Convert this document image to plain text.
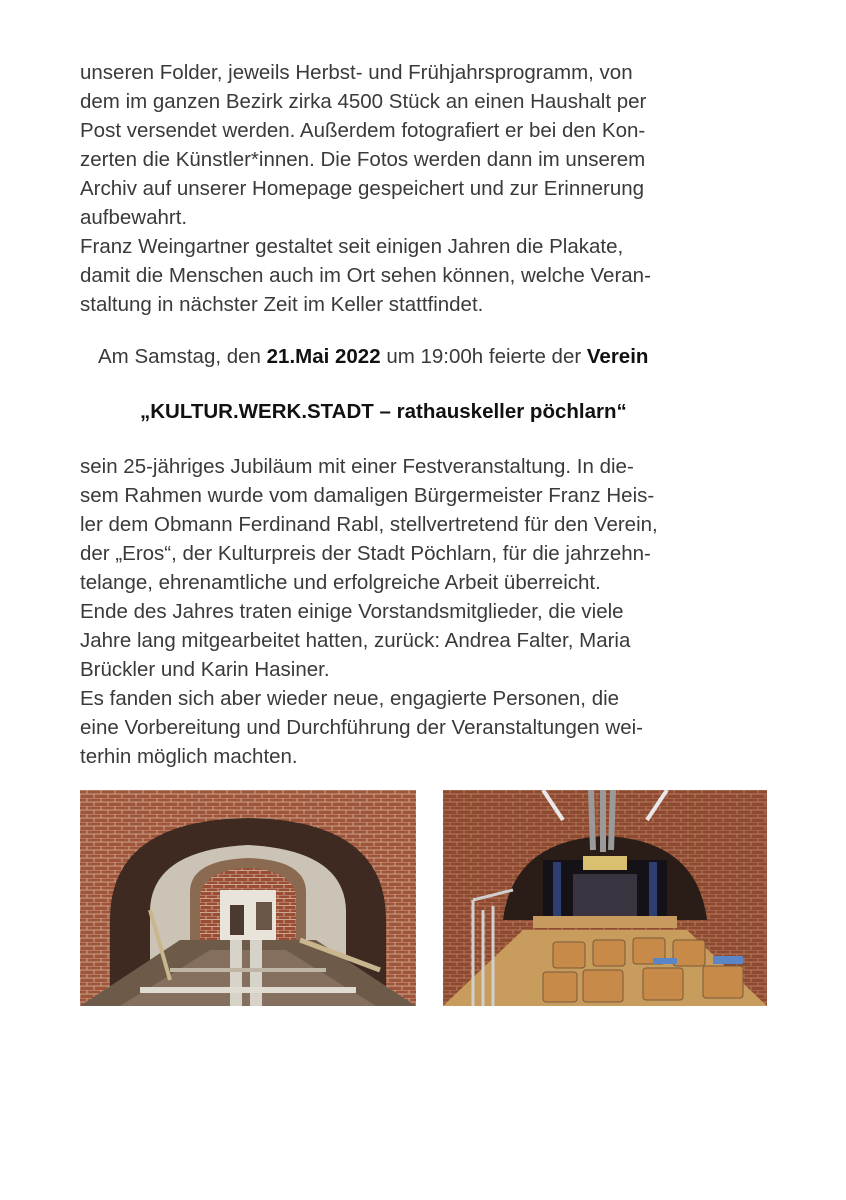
unseren Folder, jeweils Herbst- und Frühjahrsprogramm, von
dem im ganzen Bezirk zirka 4500 Stück an einen Haushalt per
Post versendet werden. Außerdem fotografiert er bei den Kon-
zerten die Künstler*innen. Die Fotos werden dann im unserem
Archiv auf unserer Homepage gespeichert und zur Erinnerung
aufbewahrt.
Franz Weingartner gestaltet seit einigen Jahren die Plakate,
damit die Menschen auch im Ort sehen können, welche Veran-
staltung in nächster Zeit im Keller stattfindet.
Am Samstag, den 21.Mai 2022 um 19:00h feierte der Verein
„KULTUR.WERK.STADT – rathauskeller pöchlarn“
sein 25-jähriges Jubiläum mit einer Festveranstaltung. In die-
sem Rahmen wurde vom damaligen Bürgermeister Franz Heis-
ler dem Obmann Ferdinand Rabl, stellvertretend für den Verein,
der „Eros“, der Kulturpreis der Stadt Pöchlarn, für die jahrzehn-
telange, ehrenamtliche und erfolgreiche Arbeit überreicht.
Ende des Jahres traten einige Vorstandsmitglieder, die viele
Jahre lang mitgearbeitet hatten, zurück: Andrea Falter, Maria
Brückler und Karin Hasiner.
Es fanden sich aber wieder neue, engagierte Personen, die
eine Vorbereitung und Durchführung der Veranstaltungen wei-
terhin möglich machten.
